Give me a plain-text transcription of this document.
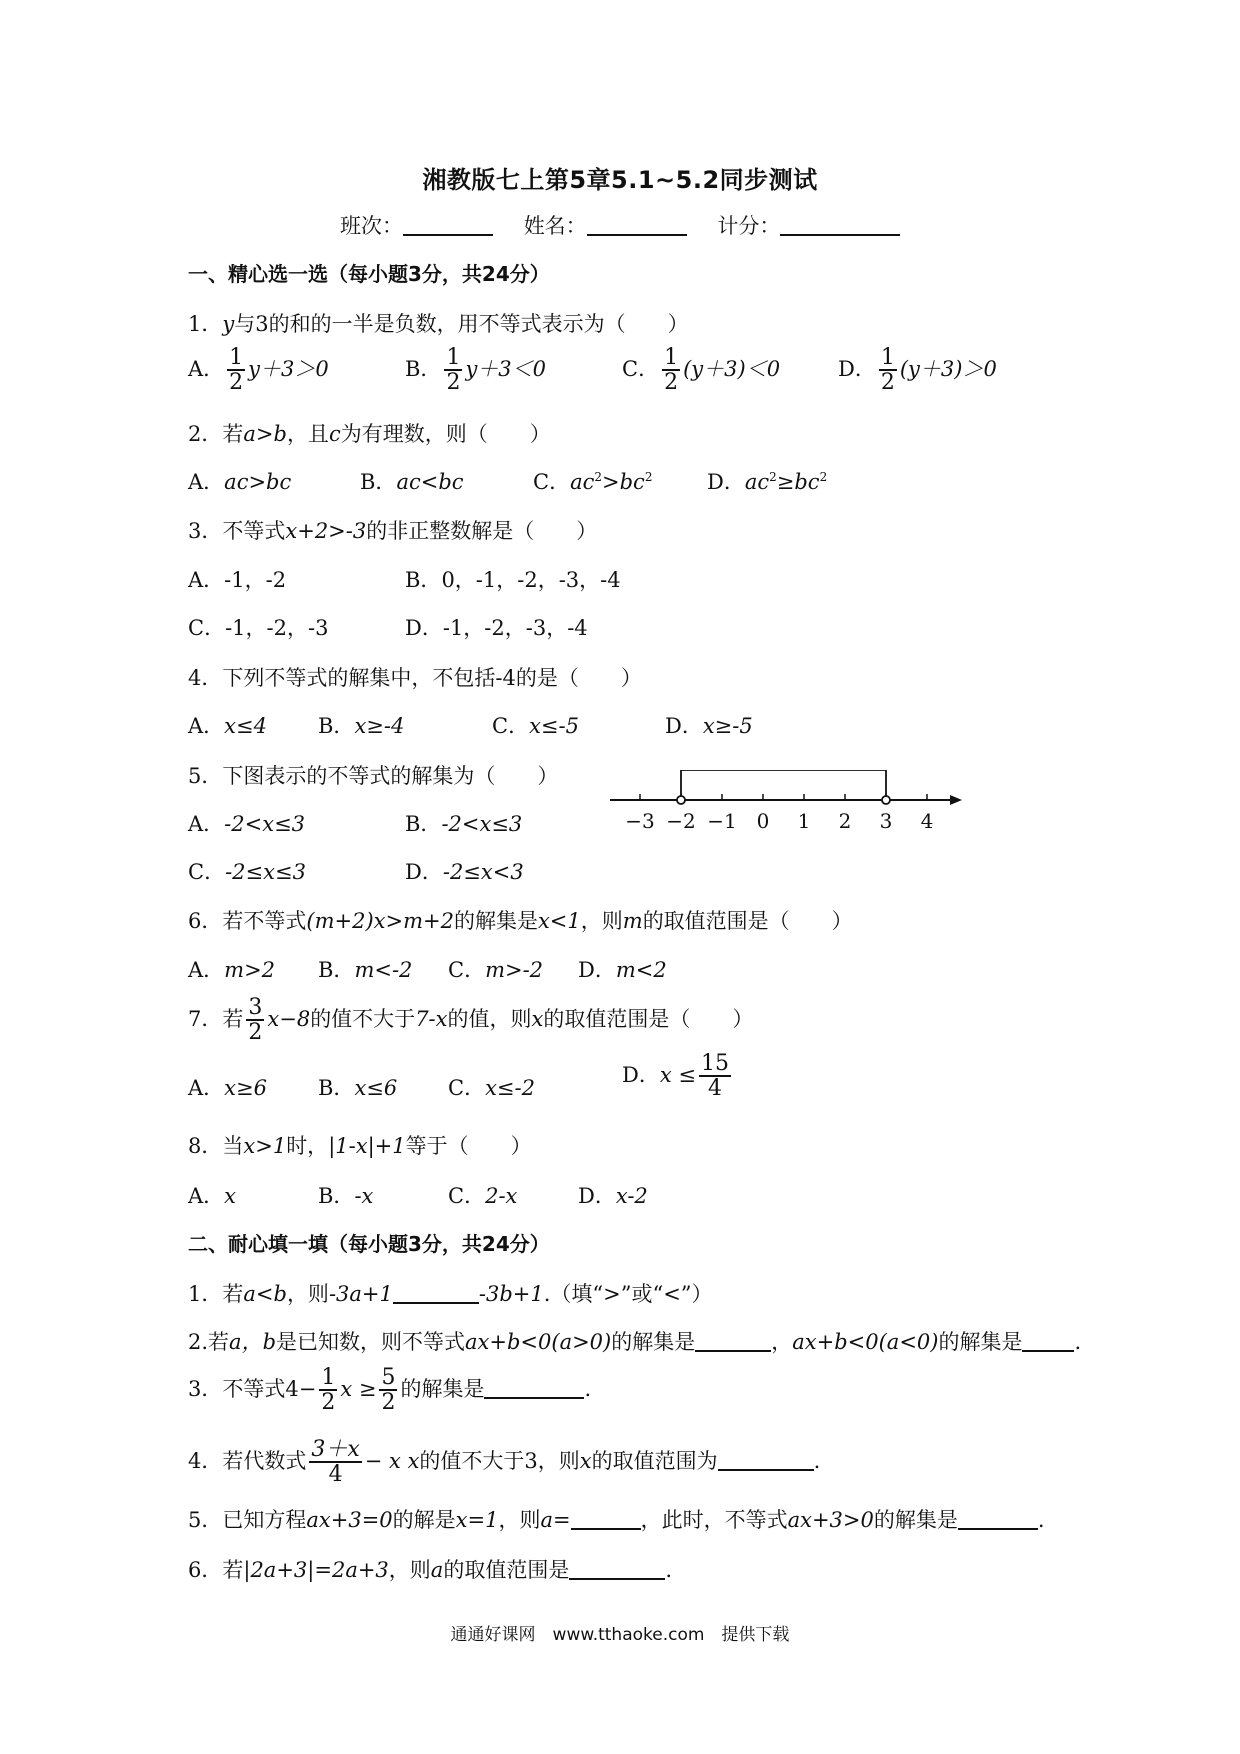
湘教版七上第5章5.1~5.2同步测试
班次：	姓名：	计分：
一、精心选一选（每小题3分，共24分）
1．y与3的和的一半是负数，用不等式表示为（　　）
A． $\frac{1}{2} y+3>0$	B． $\frac{1}{2} y+3<0$	C． $\frac{1}{2} (y+3)<0$	D． $\frac{1}{2} (y+3)>0$
2．若a>b，且c为有理数，则（　　）
A．ac>bc	B．ac<bc	C．$ac^2>bc^2$	D．$ac^2\ge bc^2$
3．不等式x+2>-3的非正整数解是（　　）
A．-1，-2	B．0，-1，-2，-3，-4
C．-1，-2，-3	D．-1，-2，-3，-4
4．下列不等式的解集中，不包括-4的是（　　）
A．x≤4 B．x≥-4	C．x≤-5	D．x≥-5
5．下图表示的不等式的解集为（　　）
A．-2<x≤3	B．-2<x≤3
C．-2≤x≤3	D．-2≤x<3
−3 −2 −1 0 1 2 3 4
6．若不等式(m+2)x>m+2的解集是x<1，则m的取值范围是（　　）
A．m>2 B．m<-2 C．m>-2 D．m<2
7．若 $\frac{3}{2} x-8$的值不大于7-x的值，则x的取值范围是（　　）
A．x≥6 B．x≤6 C．x≤-2
D．$x \le \frac{15}{4}$
8．当x>1时，|1-x|+1等于（　　）
A．x	B．-x	C．2-x	D．x-2
二、耐心填一填（每小题3分，共24分）
1．若a<b，则-3a+1	-3b+1.（填“>”或“<”）
2.若a，b是已知数，则不等式ax+b<0(a>0)的解集是	，ax+b<0(a<0)的解集是 .
3．不等式$4- \frac{1}{2}$ $x \ge \frac{5}{2}$ 的解集是	.
4．若代数式 $\frac{3+x}{4} - x$ x的值不大于3，则x的取值范围为	.
5．已知方程ax+3=0的解是x=1，则a=	，此时，不等式ax+3>0的解集是	.
6．若|2a+3|=2a+3，则a的取值范围是	.
通通好课网　www.tthaoke.com　提供下载
